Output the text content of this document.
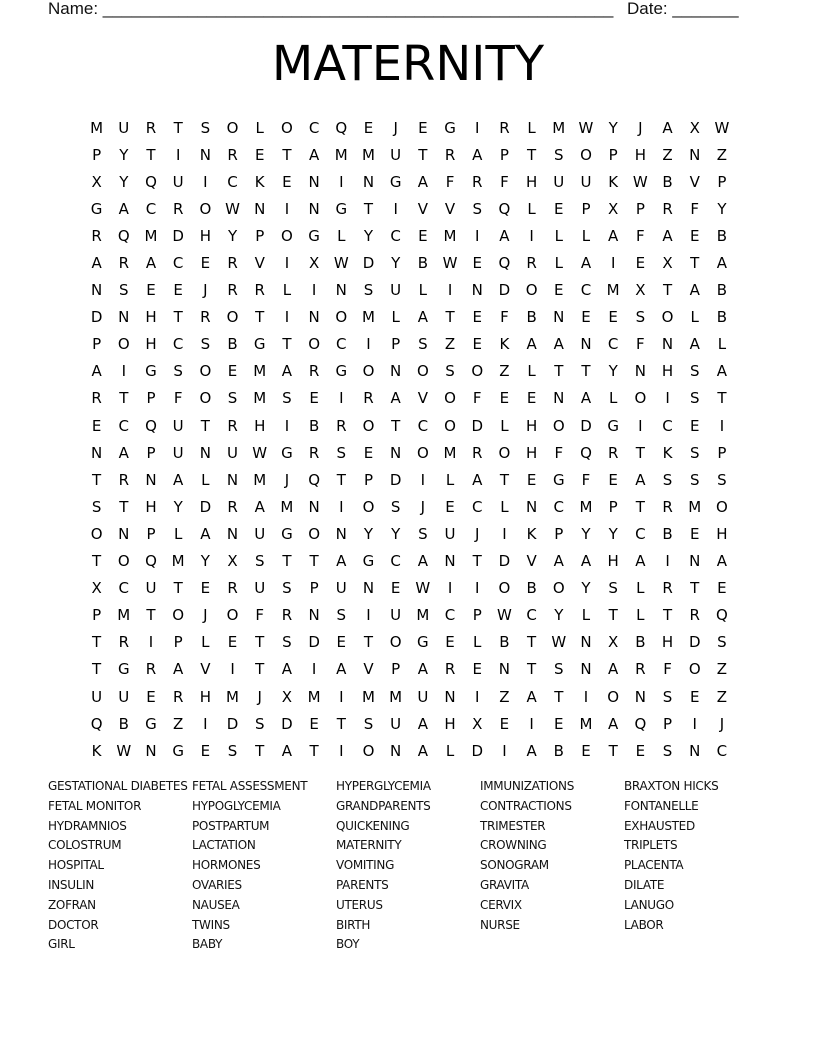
Name: ______________________________________________________

Date: _______

MATERNITY
M	U	R	T	S	O	L	O	C	Q	E	J	E	G	I	R	L	M W	Y	J	A	X W
P	Y	T	I	N	R	E	T	A	M M	U	T	R	A	P	T	S	O	P	H	Z	N	Z
X	Y	Q	U	I	C	K	E	N	I	N	G	A	F	R	F	H	U	U	K W B	V	P
G	A	C	R	O W N	I	N	G	T	I	V	V	S	Q	L	E	P	X	P	R	F	Y
R	Q M D	H	Y	P	O	G	L	Y	C	E	M	I	A	I	L	L	A	F	A	E	B
A	R	A	C	E	R	V	I	X W D	Y	B W	E	Q	R	L	A	I	E	X	T	A
N	S	E	E	J	R	R	L	I	N	S	U	L	I	N	D	O	E	C	M	X	T	A	B
D	N	H	T	R	O	T	I	N	O M	L	A	T	E	F	B	N	E	E	S	O	L	B
P	O	H	C	S	B	G	T	O	C	I	P	S	Z	E	K	A	A	N	C	F	N	A	L
A	I	G	S	O	E	M	A	R	G	O	N	O	S	O	Z	L	T	T	Y	N	H	S	A
R	T	P	F	O	S	M	S	E	I	R	A	V	O	F	E	E	N	A	L	O	I	S	T
E	C	Q	U	T	R	H	I	B	R	O	T	C	O	D	L	H	O	D	G	I	C	E	I
N	A	P	U	N	U W G	R	S	E	N	O M	R	O	H	F	Q	R	T	K	S	P
T	R	N	A	L	N	M	J	Q	T	P	D	I	L	A	T	E	G	F	E	A	S	S	S
S	T	H	Y	D	R	A	M	N	I	O	S	J	E	C	L	N	C	M	P	T	R	M O
O	N	P	L	A	N	U	G	O	N	Y	Y	S	U	J	I	K	P	Y	Y	C	B	E	H
T	O	Q M	Y	X	S	T	T	A	G	C	A	N	T	D	V	A	A	H	A	I	N	A
X	C	U	T	E	R	U	S	P	U	N	E	W	I	I	O	B	O	Y	S	L	R	T	E
P	M	T	O	J	O	F	R	N	S	I	U	M	C	P	W C	Y	L	T	L	T	R	Q
T	R	I	P	L	E	T	S	D	E	T	O	G	E	L	B	T	W N	X	B	H	D	S
T	G	R	A	V	I	T	A	I	A	V	P	A	R	E	N	T	S	N	A	R	F	O	Z
U	U	E	R	H	M	J	X	M	I	M M	U	N	I	Z	A	T	I	O	N	S	E	Z
Q	B	G	Z	I	D	S	D	E	T	S	U	A	H	X	E	I	E	M	A	Q	P	I	J
K W N	G	E	S	T	A	T	I	O	N	A	L	D	I	A	B	E	T	E	S	N	C
GESTATIONAL DIABETES
FETAL MONITOR
HYDRAMNIOS
COLOSTRUM
HOSPITAL
INSULIN
ZOFRAN
DOCTOR
GIRL
FETAL ASSESSMENT
HYPOGLYCEMIA
POSTPARTUM
LACTATION
HORMONES
OVARIES
NAUSEA
TWINS
BABY
HYPERGLYCEMIA
GRANDPARENTS
QUICKENING
MATERNITY
VOMITING
PARENTS
UTERUS
BIRTH
BOY
IMMUNIZATIONS
CONTRACTIONS
TRIMESTER
CROWNING
SONOGRAM
GRAVITA
CERVIX
NURSE
BRAXTON HICKS
FONTANELLE
EXHAUSTED
TRIPLETS
PLACENTA
DILATE
LANUGO
LABOR
